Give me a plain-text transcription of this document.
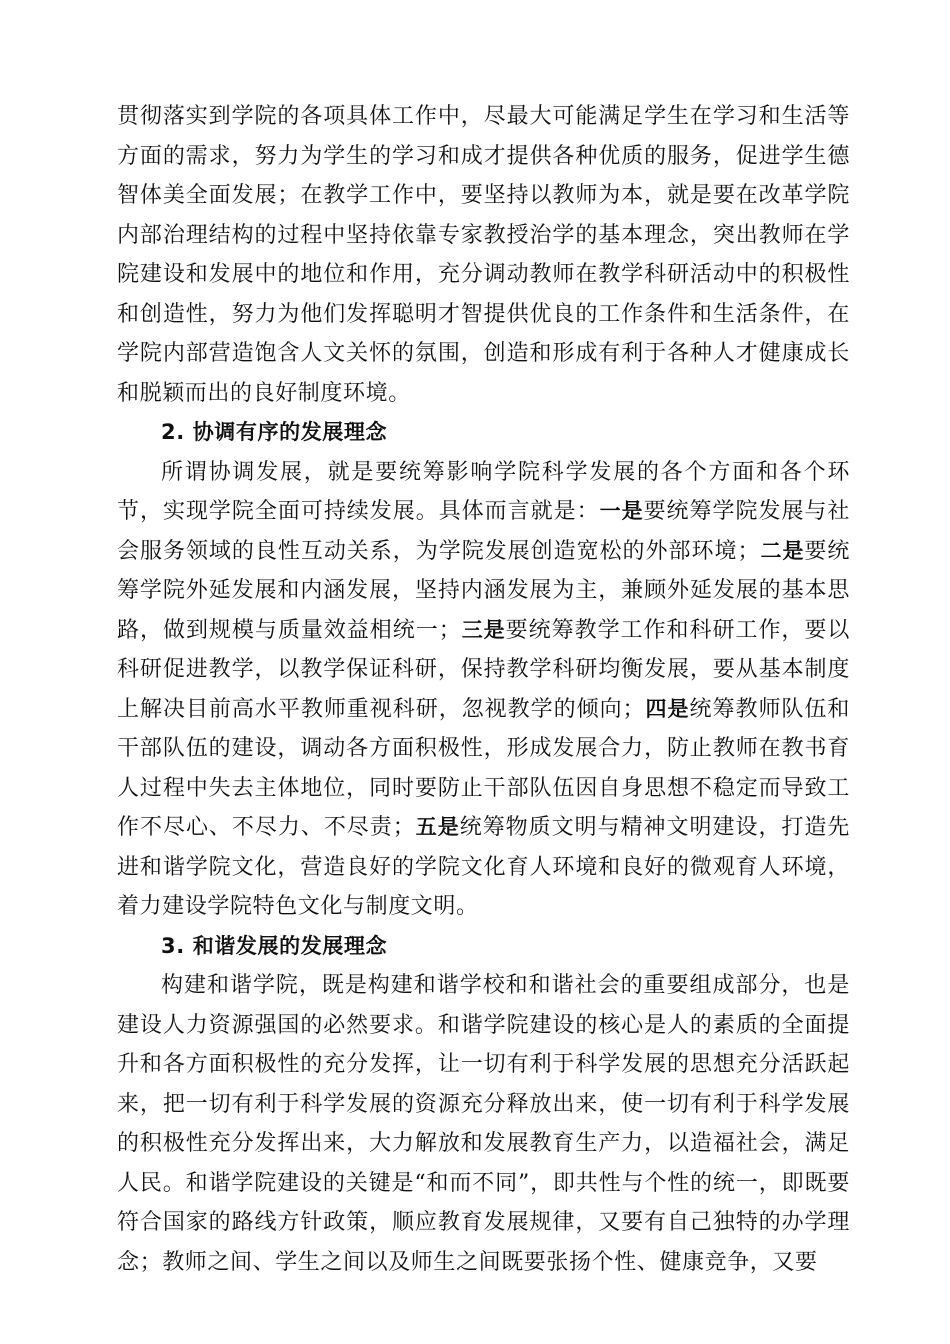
贯彻落实到学院的各项具体工作中，尽最大可能满足学生在学习和生活等方面的需求，努力为学生的学习和成才提供各种优质的服务，促进学生德智体美全面发展；在教学工作中，要坚持以教师为本，就是要在改革学院内部治理结构的过程中坚持依靠专家教授治学的基本理念，突出教师在学院建设和发展中的地位和作用，充分调动教师在教学科研活动中的积极性和创造性，努力为他们发挥聪明才智提供优良的工作条件和生活条件，在学院内部营造饱含人文关怀的氛围，创造和形成有利于各种人才健康成长和脱颖而出的良好制度环境。

2. 协调有序的发展理念

所谓协调发展，就是要统筹影响学院科学发展的各个方面和各个环节，实现学院全面可持续发展。具体而言就是：一是要统筹学院发展与社会服务领域的良性互动关系，为学院发展创造宽松的外部环境；二是要统筹学院外延发展和内涵发展，坚持内涵发展为主，兼顾外延发展的基本思路，做到规模与质量效益相统一；三是要统筹教学工作和科研工作，要以科研促进教学，以教学保证科研，保持教学科研均衡发展，要从基本制度上解决目前高水平教师重视科研，忽视教学的倾向；四是统筹教师队伍和干部队伍的建设，调动各方面积极性，形成发展合力，防止教师在教书育人过程中失去主体地位，同时要防止干部队伍因自身思想不稳定而导致工作不尽心、不尽力、不尽责；五是统筹物质文明与精神文明建设，打造先进和谐学院文化，营造良好的学院文化育人环境和良好的微观育人环境，着力建设学院特色文化与制度文明。

3. 和谐发展的发展理念

构建和谐学院，既是构建和谐学校和和谐社会的重要组成部分，也是建设人力资源强国的必然要求。和谐学院建设的核心是人的素质的全面提升和各方面积极性的充分发挥，让一切有利于科学发展的思想充分活跃起来，把一切有利于科学发展的资源充分释放出来，使一切有利于科学发展的积极性充分发挥出来，大力解放和发展教育生产力，以造福社会，满足人民。和谐学院建设的关键是“和而不同”，即共性与个性的统一，即既要符合国家的路线方针政策，顺应教育发展规律，又要有自己独特的办学理念；教师之间、学生之间以及师生之间既要张扬个性、健康竞争，又要
